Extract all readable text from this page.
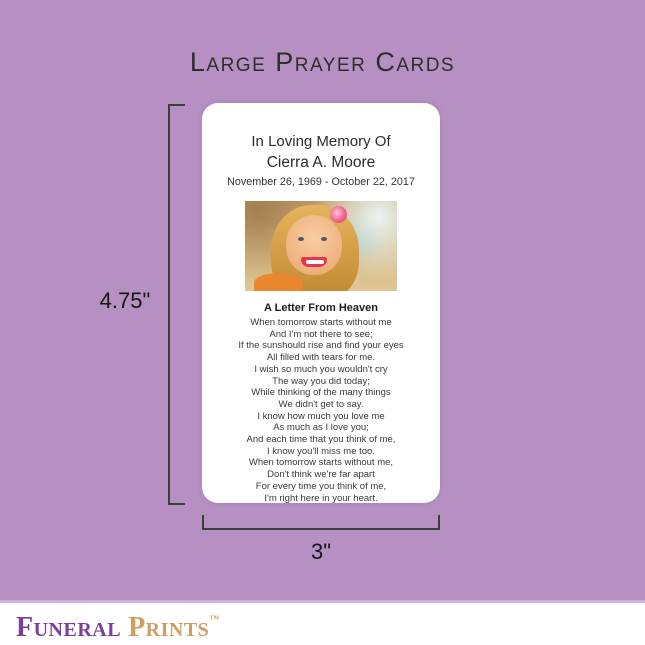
Large Prayer Cards
4.75"
3"
In Loving Memory Of
Cierra A. Moore
November 26, 1969 - October 22, 2017
A Letter From Heaven
When tomorrow starts without me
And I'm not there to see;
If the sunshould rise and find your eyes
All filled with tears for me.
I wish so much you wouldn't cry
The way you did today;
While thinking of the many things
We didn't get to say.
I know how much you love me
As much as I love you;
And each time that you think of me,
I know you'll miss me too.
When tomorrow starts without me,
Don't think we're far apart
For every time you think of me,
I'm right here in your heart.
Funeral Prints™
